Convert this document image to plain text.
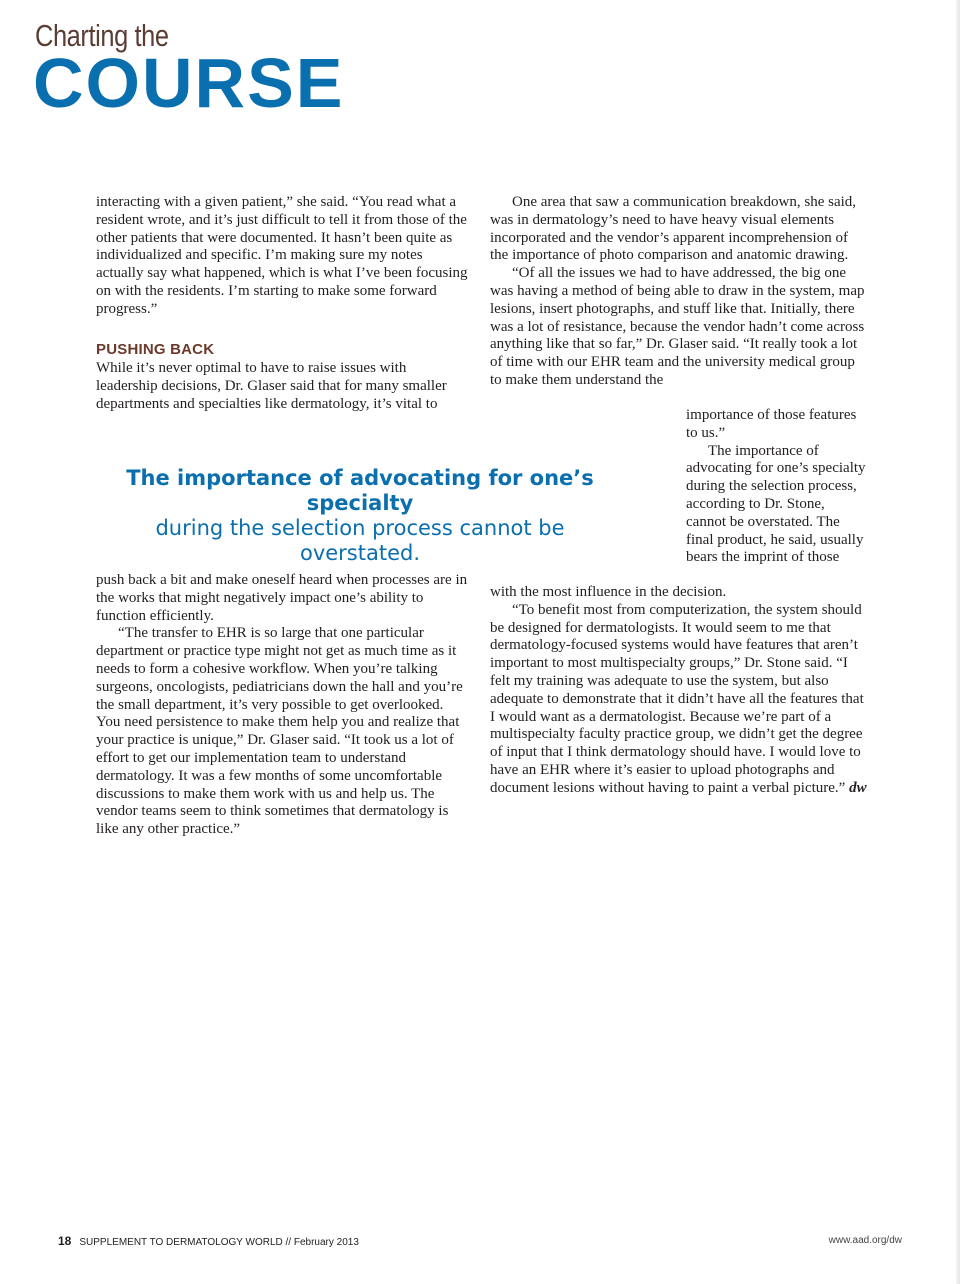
Charting the
COURSE

interacting with a given patient,” she said. “You read what a resident wrote, and it’s just difficult to tell it from those of the other patients that were documented. It hasn’t been quite as individualized and specific. I’m making sure my notes actually say what happened, which is what I’ve been focusing on with the residents. I’m starting to make some forward progress.”

PUSHING BACK

While it’s never optimal to have to raise issues with leadership decisions, Dr. Glaser said that for many smaller departments and specialties like dermatology, it’s vital to

The importance of advocating for one’s specialty
during the selection process cannot be overstated.

push back a bit and make oneself heard when processes are in the works that might negatively impact one’s ability to function efficiently.

“The transfer to EHR is so large that one particular department or practice type might not get as much time as it needs to form a cohesive workflow. When you’re talking surgeons, oncologists, pediatricians down the hall and you’re the small department, it’s very possible to get overlooked. You need persistence to make them help you and realize that your practice is unique,” Dr. Glaser said. “It took us a lot of effort to get our implementation team to understand dermatology. It was a few months of some uncomfortable discussions to make them work with us and help us. The vendor teams seem to think sometimes that dermatology is like any other practice.”

One area that saw a communication breakdown, she said, was in dermatology’s need to have heavy visual elements incorporated and the vendor’s apparent incomprehension of the importance of photo comparison and anatomic drawing.

“Of all the issues we had to have addressed, the big one was having a method of being able to draw in the system, map lesions, insert photographs, and stuff like that. Initially, there was a lot of resistance, because the vendor hadn’t come across anything like that so far,” Dr. Glaser said. “It really took a lot of time with our EHR team and the university medical group to make them understand the

importance of those features to us.”

The importance of advocating for one’s specialty during the selection process, according to Dr. Stone, cannot be overstated. The final product, he said, usually bears the imprint of those

with the most influence in the decision.

“To benefit most from computerization, the system should be designed for dermatologists. It would seem to me that dermatology-focused systems would have features that aren’t important to most multispecialty groups,” Dr. Stone said. “I felt my training was adequate to use the system, but also adequate to demonstrate that it didn’t have all the features that I would want as a dermatologist. Because we’re part of a multispecialty faculty practice group, we didn’t get the degree of input that I think dermatology should have. I would love to have an EHR where it’s easier to upload photographs and document lesions without having to paint a verbal picture.” dw

18 SUPPLEMENT TO DERMATOLOGY WORLD // February 2013	www.aad.org/dw
